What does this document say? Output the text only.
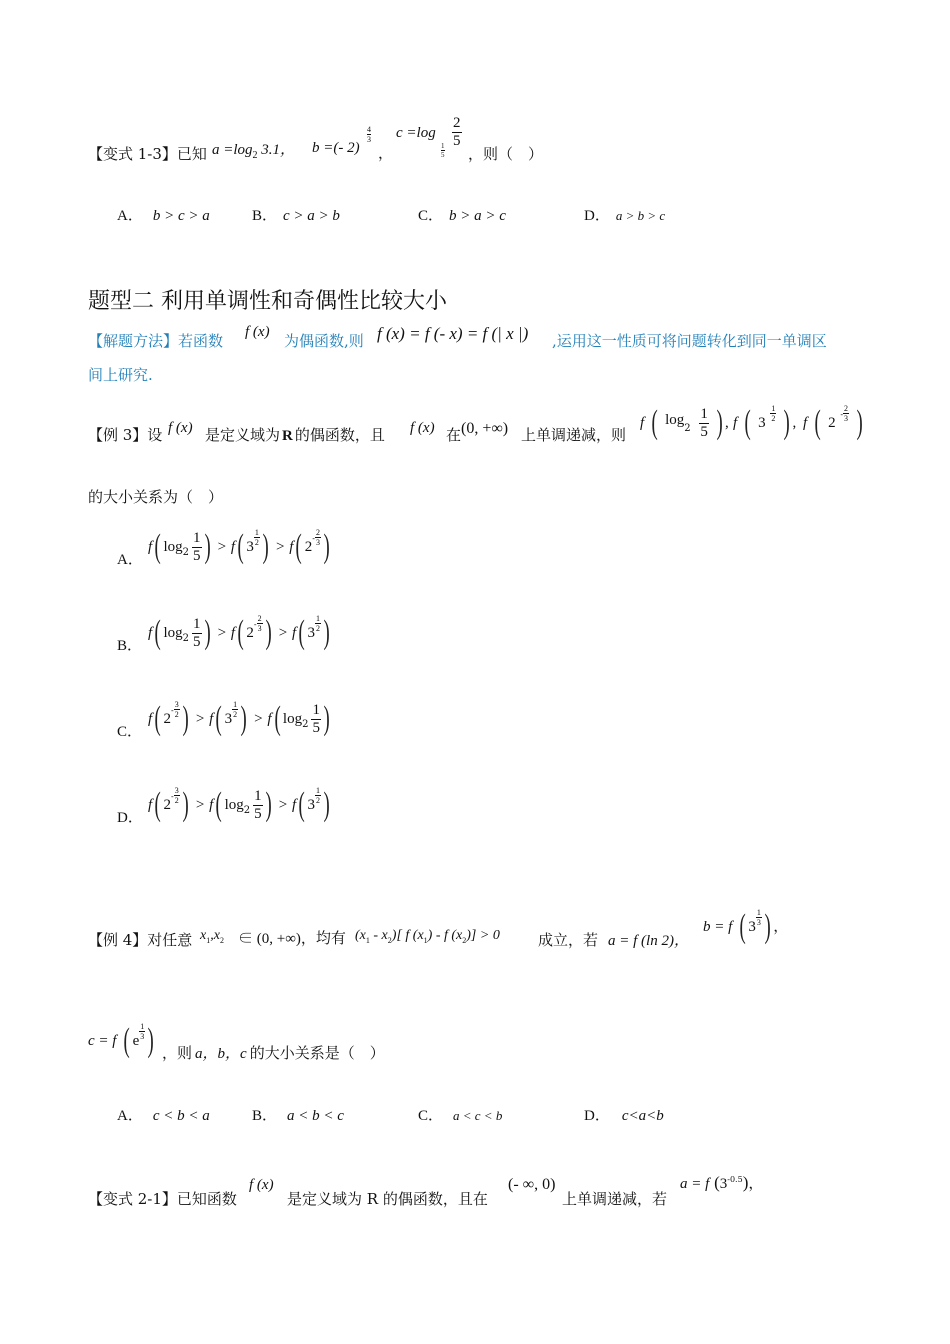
【变式 1-3】已知 $a =\log_2$ 3.1， b =(- 2)
4
3
，
c =log
1
5
$\frac{2}{5}$
，则（　）
A． b > c > a	B． c > a > b	C． b > a > c	D． a > b > c
题型二 利用单调性和奇偶性比较大小
【解题方法】若函数 f (x) 为偶函数,则 f (x) = f (- x) = f (| x |) ,运用这一性质可将问题转化到同一单调区
间上研究.
【例 3】设 f (x) 是定义域为 R 的偶函数，且 f (x) 在 (0, +∞) 上单调递减，则
f ( $\log_2 \frac{1}{5}$ ) , f ( 3
$\frac{1}{2}$ ) , f ( 2 $^- \frac{2}{3}$ )
的大小关系为（　）
A．
f( $\log_2 \frac{1}{5}$ ) > f( 3
$\frac{1}{2}$ ) > f( $2^- \frac{2}{3}$ )
B．
f( $\log_2 \frac{1}{5}$ ) > f( $2^- \frac{2}{3}$ ) > f( 3
$\frac{1}{2}$ )
C．
f( $2^- \frac{3}{2}$ ) > f( 3
$\frac{1}{2}$ ) > f( $\log_2 \frac{1}{5}$ )
D．
f( $2^- \frac{3}{2}$ ) > f( $\log_2 \frac{1}{5}$ ) > f( 3
$\frac{1}{2}$ )
【例 4】对任意 $x_1,x_2$ ∈ (0, +∞)，均有 $(x_1 - x_2)$[ f $(x_1)$ - f $(x_2)] > 0$	成立，若 a = f (ln 2)，
b = f ( 3
$\frac{1}{3}$ ) ，
c = f ( e
$\frac{1}{3}$ ) ，则 a，b，c 的大小关系是（　）
A． c < b < a	B． a < b < c	C． a < c < b	D． c<a<b
【变式 2-1】已知函数
f (x)
是定义域为 R 的偶函数，且在
(- ∞, 0)
上单调递减，若
a = f $(3^{-0.5})$，
